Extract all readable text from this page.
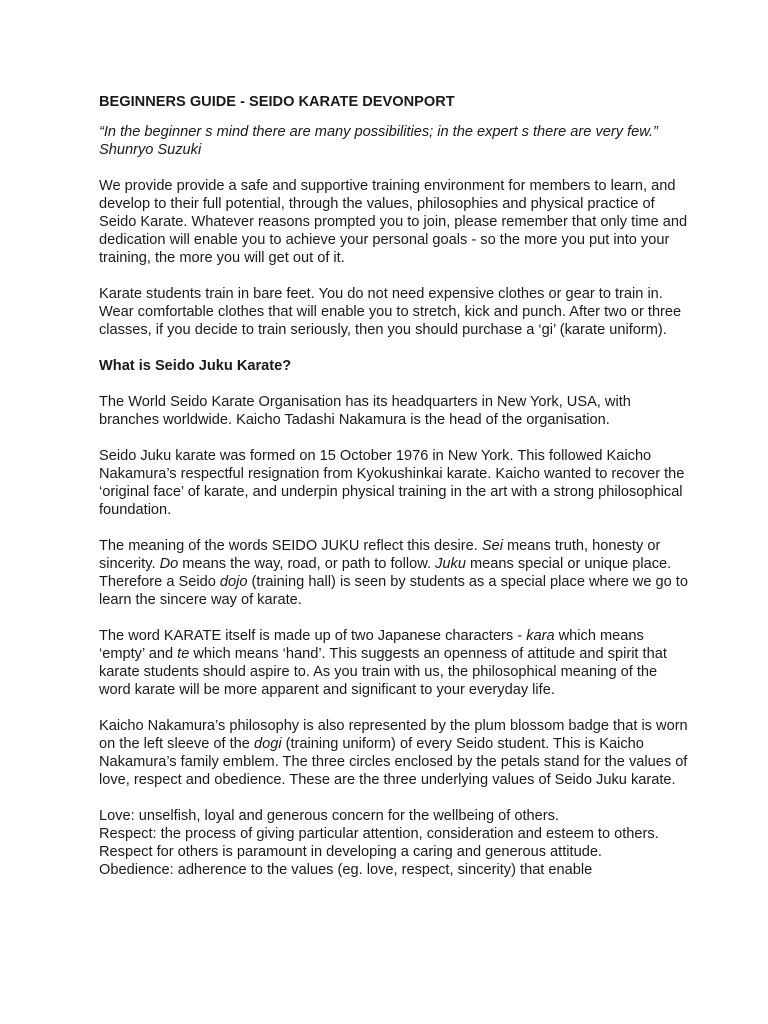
BEGINNERS GUIDE - SEIDO KARATE DEVONPORT
“In the beginner s mind there are many possibilities; in the expert s there are very few.”
Shunryo Suzuki

We provide provide a safe and supportive training environment for members to learn, and develop to their full potential, through the values, philosophies and physical practice of Seido Karate. Whatever reasons prompted you to join, please remember that only time and dedication will enable you to achieve your personal goals - so the more you put into your training, the more you will get out of it.

Karate students train in bare feet. You do not need expensive clothes or gear to train in. Wear comfortable clothes that will enable you to stretch, kick and punch. After two or three classes, if you decide to train seriously, then you should purchase a ‘gi’ (karate uniform).

What is Seido Juku Karate?

The World Seido Karate Organisation has its headquarters in New York, USA, with branches worldwide. Kaicho Tadashi Nakamura is the head of the organisation.

Seido Juku karate was formed on 15 October 1976 in New York. This followed Kaicho Nakamura’s respectful resignation from Kyokushinkai karate. Kaicho wanted to recover the ‘original face’ of karate, and underpin physical training in the art with a strong philosophical foundation.

The meaning of the words SEIDO JUKU reflect this desire. Sei means truth, honesty or sincerity. Do means the way, road, or path to follow. Juku means special or unique place. Therefore a Seido dojo (training hall) is seen by students as a special place where we go to learn the sincere way of karate.

The word KARATE itself is made up of two Japanese characters - kara which means ‘empty’ and te which means ‘hand’. This suggests an openness of attitude and spirit that karate students should aspire to. As you train with us, the philosophical meaning of the word karate will be more apparent and significant to your everyday life.

Kaicho Nakamura’s philosophy is also represented by the plum blossom badge that is worn on the left sleeve of the dogi (training uniform) of every Seido student. This is Kaicho Nakamura’s family emblem. The three circles enclosed by the petals stand for the values of love, respect and obedience. These are the three underlying values of Seido Juku karate.

Love: unselfish, loyal and generous concern for the wellbeing of others.
Respect: the process of giving particular attention, consideration and esteem to others. Respect for others is paramount in developing a caring and generous attitude.
Obedience: adherence to the values (eg. love, respect, sincerity) that enable
